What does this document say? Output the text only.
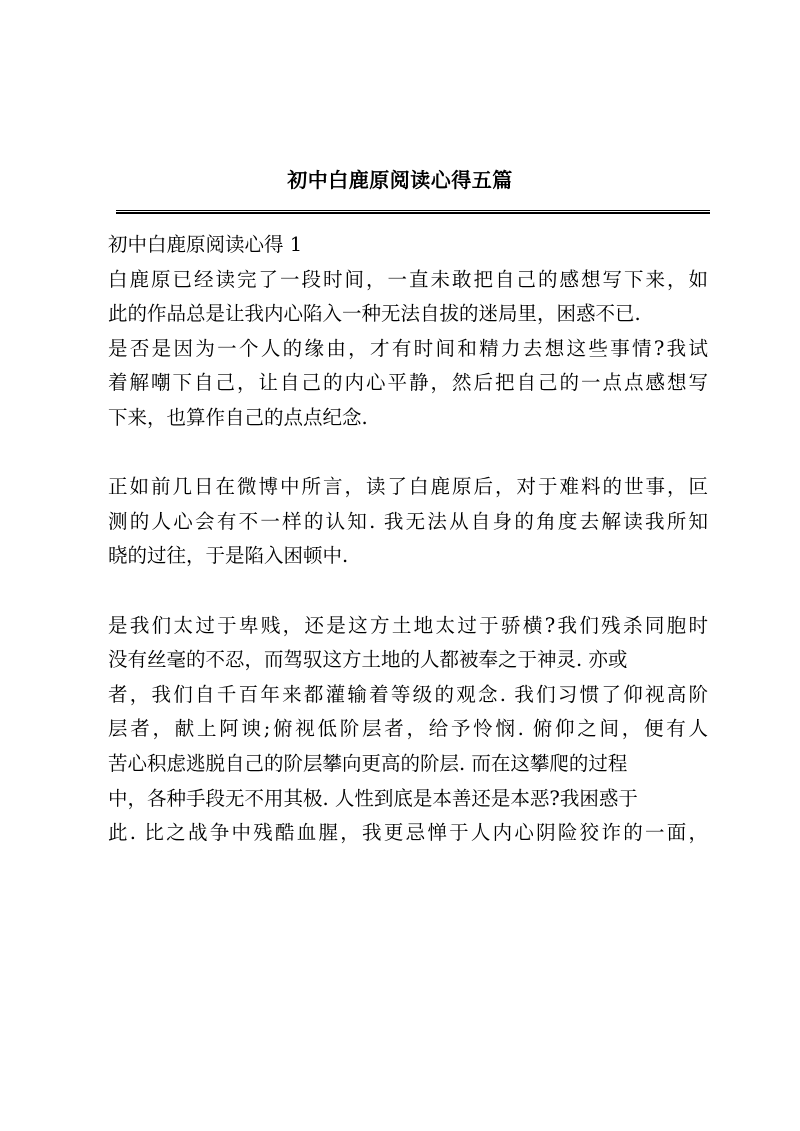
初中白鹿原阅读心得五篇
初中白鹿原阅读心得 1
白鹿原已经读完了一段时间，一直未敢把自己的感想写下来，如
此的作品总是让我内心陷入一种无法自拔的迷局里，困惑不已.
是否是因为一个人的缘由，才有时间和精力去想这些事情?我试
着解嘲下自己，让自己的内心平静，然后把自己的一点点感想写
下来，也算作自己的点点纪念.
正如前几日在微博中所言，读了白鹿原后，对于难料的世事，叵
测的人心会有不一样的认知. 我无法从自身的角度去解读我所知
晓的过往，于是陷入困顿中.
是我们太过于卑贱，还是这方土地太过于骄横?我们残杀同胞时
没有丝毫的不忍，而驾驭这方土地的人都被奉之于神灵. 亦或
者，我们自千百年来都灌输着等级的观念. 我们习惯了仰视高阶
层者，献上阿谀;俯视低阶层者，给予怜悯. 俯仰之间，便有人
苦心积虑逃脱自己的阶层攀向更高的阶层. 而在这攀爬的过程
中，各种手段无不用其极. 人性到底是本善还是本恶?我困惑于
此. 比之战争中残酷血腥，我更忌惮于人内心阴险狡诈的一面，
